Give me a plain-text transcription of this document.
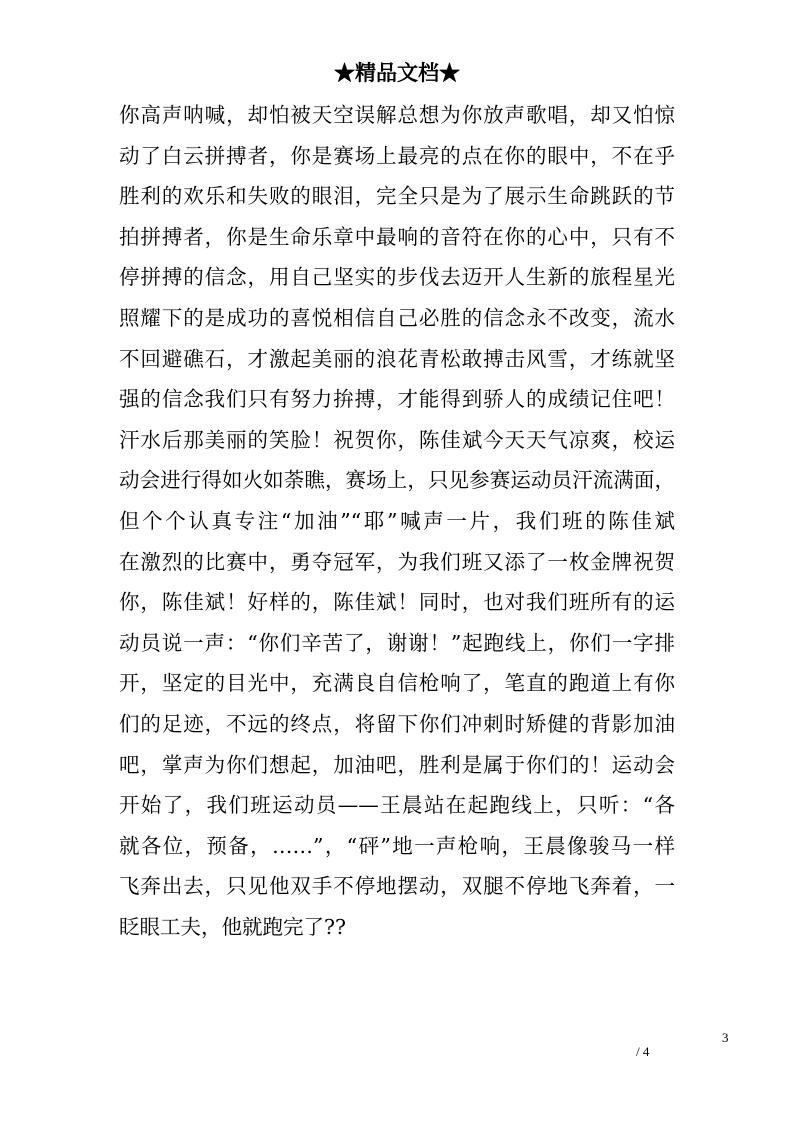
★精品文档★
你高声呐喊，却怕被天空误解总想为你放声歌唱，却又怕惊
动了白云拼搏者，你是赛场上最亮的点在你的眼中，不在乎
胜利的欢乐和失败的眼泪，完全只是为了展示生命跳跃的节
拍拼搏者，你是生命乐章中最响的音符在你的心中，只有不
停拼搏的信念，用自己坚实的步伐去迈开人生新的旅程星光
照耀下的是成功的喜悦相信自己必胜的信念永不改变，流水
不回避礁石，才激起美丽的浪花青松敢搏击风雪，才练就坚
强的信念我们只有努力拚搏，才能得到骄人的成绩记住吧！
汗水后那美丽的笑脸！祝贺你，陈佳斌今天天气凉爽，校运
动会进行得如火如荼瞧，赛场上，只见参赛运动员汗流满面，
但个个认真专注“加油”“耶”喊声一片，我们班的陈佳斌
在激烈的比赛中，勇夺冠军，为我们班又添了一枚金牌祝贺
你，陈佳斌！好样的，陈佳斌！同时，也对我们班所有的运
动员说一声：“你们辛苦了，谢谢！”起跑线上，你们一字排
开，坚定的目光中，充满良自信枪响了，笔直的跑道上有你
们的足迹，不远的终点，将留下你们冲刺时矫健的背影加油
吧，掌声为你们想起，加油吧，胜利是属于你们的！运动会
开始了，我们班运动员——王晨站在起跑线上，只听：“各
就各位，预备，……”，“砰”地一声枪响，王晨像骏马一样
飞奔出去，只见他双手不停地摆动，双腿不停地飞奔着，一
眨眼工夫，他就跑完了??
3
/ 4
